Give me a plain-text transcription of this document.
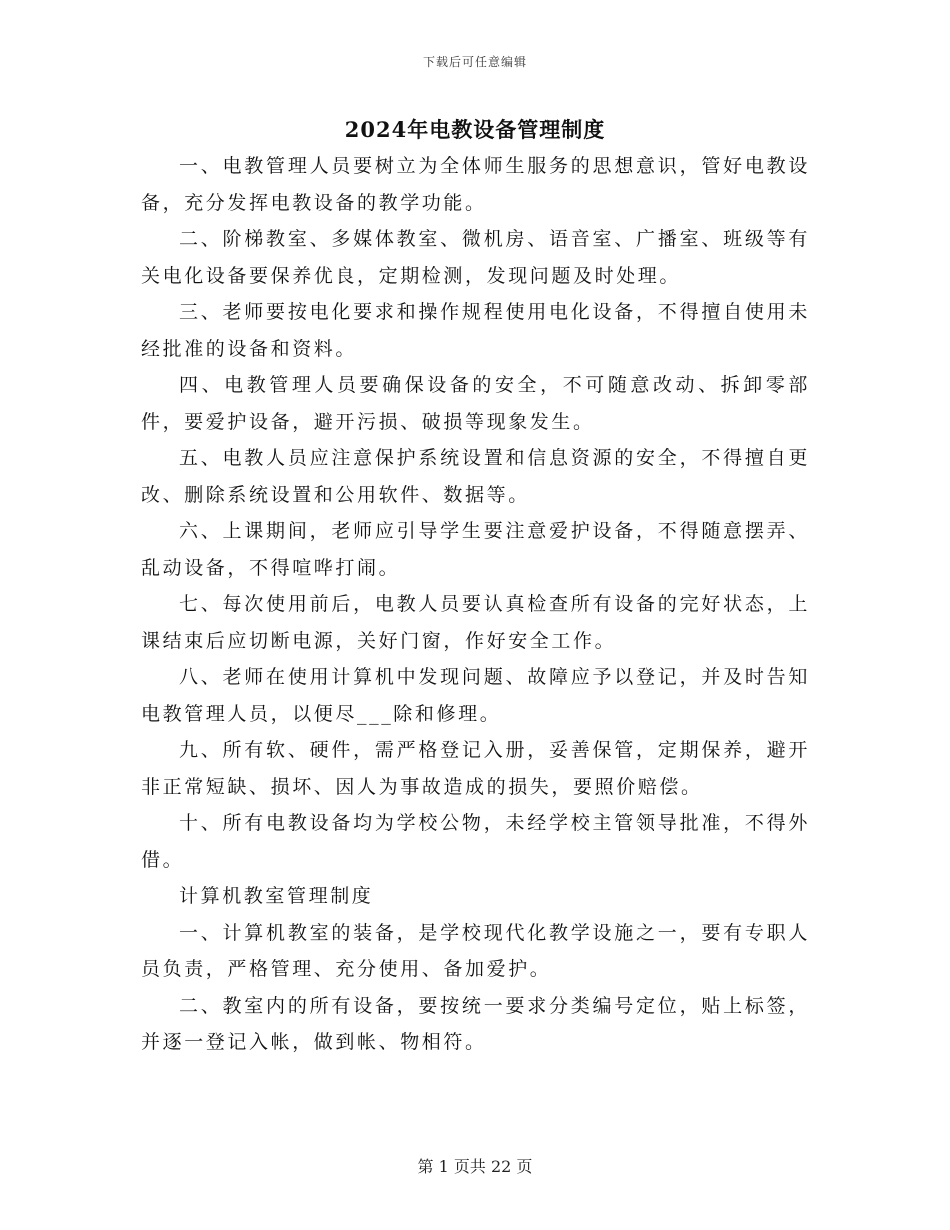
下载后可任意编辑
2024年电教设备管理制度

一、电教管理人员要树立为全体师生服务的思想意识，管好电教设备，充分发挥电教设备的教学功能。

二、阶梯教室、多媒体教室、微机房、语音室、广播室、班级等有关电化设备要保养优良，定期检测，发现问题及时处理。

三、老师要按电化要求和操作规程使用电化设备，不得擅自使用未经批准的设备和资料。

四、电教管理人员要确保设备的安全，不可随意改动、拆卸零部件，要爱护设备，避开污损、破损等现象发生。

五、电教人员应注意保护系统设置和信息资源的安全，不得擅自更改、删除系统设置和公用软件、数据等。

六、上课期间，老师应引导学生要注意爱护设备，不得随意摆弄、乱动设备，不得喧哗打闹。

七、每次使用前后，电教人员要认真检查所有设备的完好状态，上课结束后应切断电源，关好门窗，作好安全工作。

八、老师在使用计算机中发现问题、故障应予以登记，并及时告知电教管理人员，以便尽___除和修理。

九、所有软、硬件，需严格登记入册，妥善保管，定期保养，避开非正常短缺、损坏、因人为事故造成的损失，要照价赔偿。

十、所有电教设备均为学校公物，未经学校主管领导批准，不得外借。

计算机教室管理制度

一、计算机教室的装备，是学校现代化教学设施之一，要有专职人员负责，严格管理、充分使用、备加爱护。

二、教室内的所有设备，要按统一要求分类编号定位，贴上标签，并逐一登记入帐，做到帐、物相符。

第 1 页共 22 页
